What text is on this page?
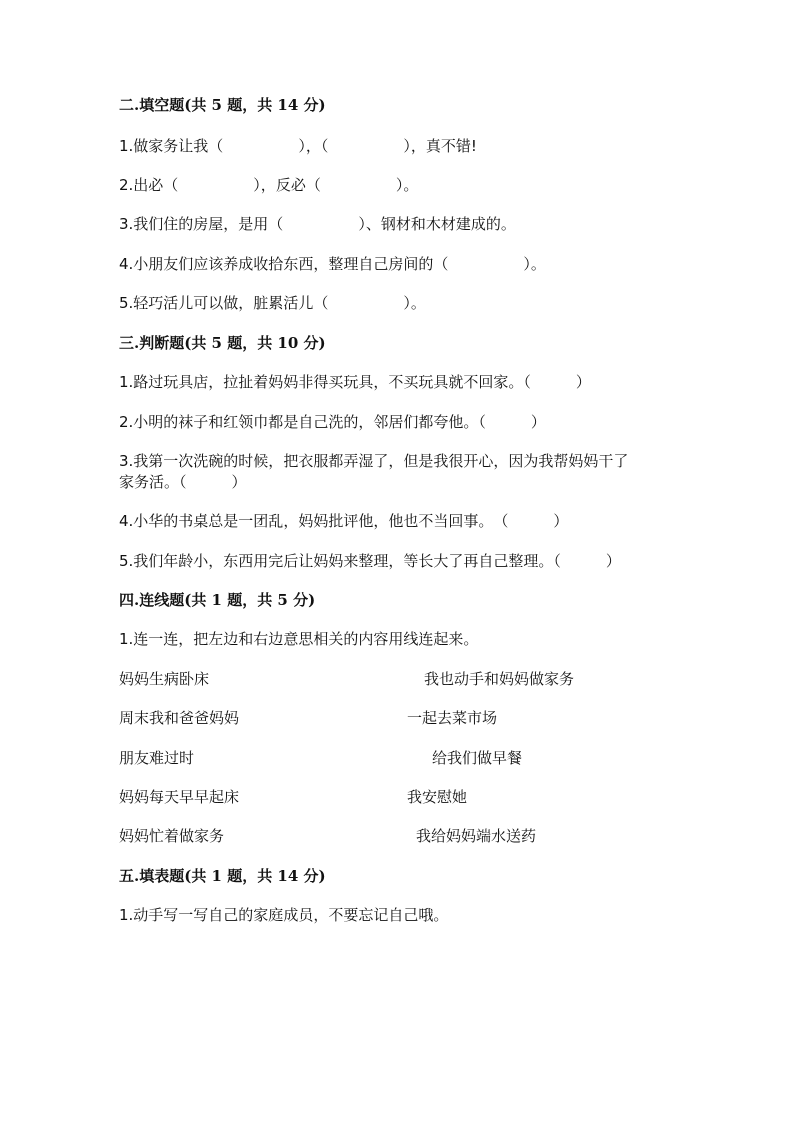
二.填空题(共 5 题，共 14 分)
1.做家务让我（　　　　　），（　　　　　），真不错!
2.出必（　　　　　），反必（　　　　　）。
3.我们住的房屋，是用（　　　　　）、钢材和木材建成的。
4.小朋友们应该养成收拾东西，整理自己房间的（　　　　　）。
5.轻巧活儿可以做，脏累活儿（　　　　　）。
三.判断题(共 5 题，共 10 分)
1.路过玩具店，拉扯着妈妈非得买玩具，不买玩具就不回家。（　　　）
2.小明的袜子和红领巾都是自己洗的，邻居们都夸他。（　　　）
3.我第一次洗碗的时候，把衣服都弄湿了，但是我很开心，因为我帮妈妈干了
家务活。（　　　）
4.小华的书桌总是一团乱，妈妈批评他，他也不当回事。　（　　　）
5.我们年龄小，东西用完后让妈妈来整理，等长大了再自己整理。（　　　）
四.连线题(共 1 题，共 5 分)
1.连一连，把左边和右边意思相关的内容用线连起来。
妈妈生病卧床	我也动手和妈妈做家务
周末我和爸爸妈妈	一起去菜市场
朋友难过时	给我们做早餐
妈妈每天早早起床	我安慰她
妈妈忙着做家务	我给妈妈端水送药
五.填表题(共 1 题，共 14 分)
1.动手写一写自己的家庭成员，不要忘记自己哦。
